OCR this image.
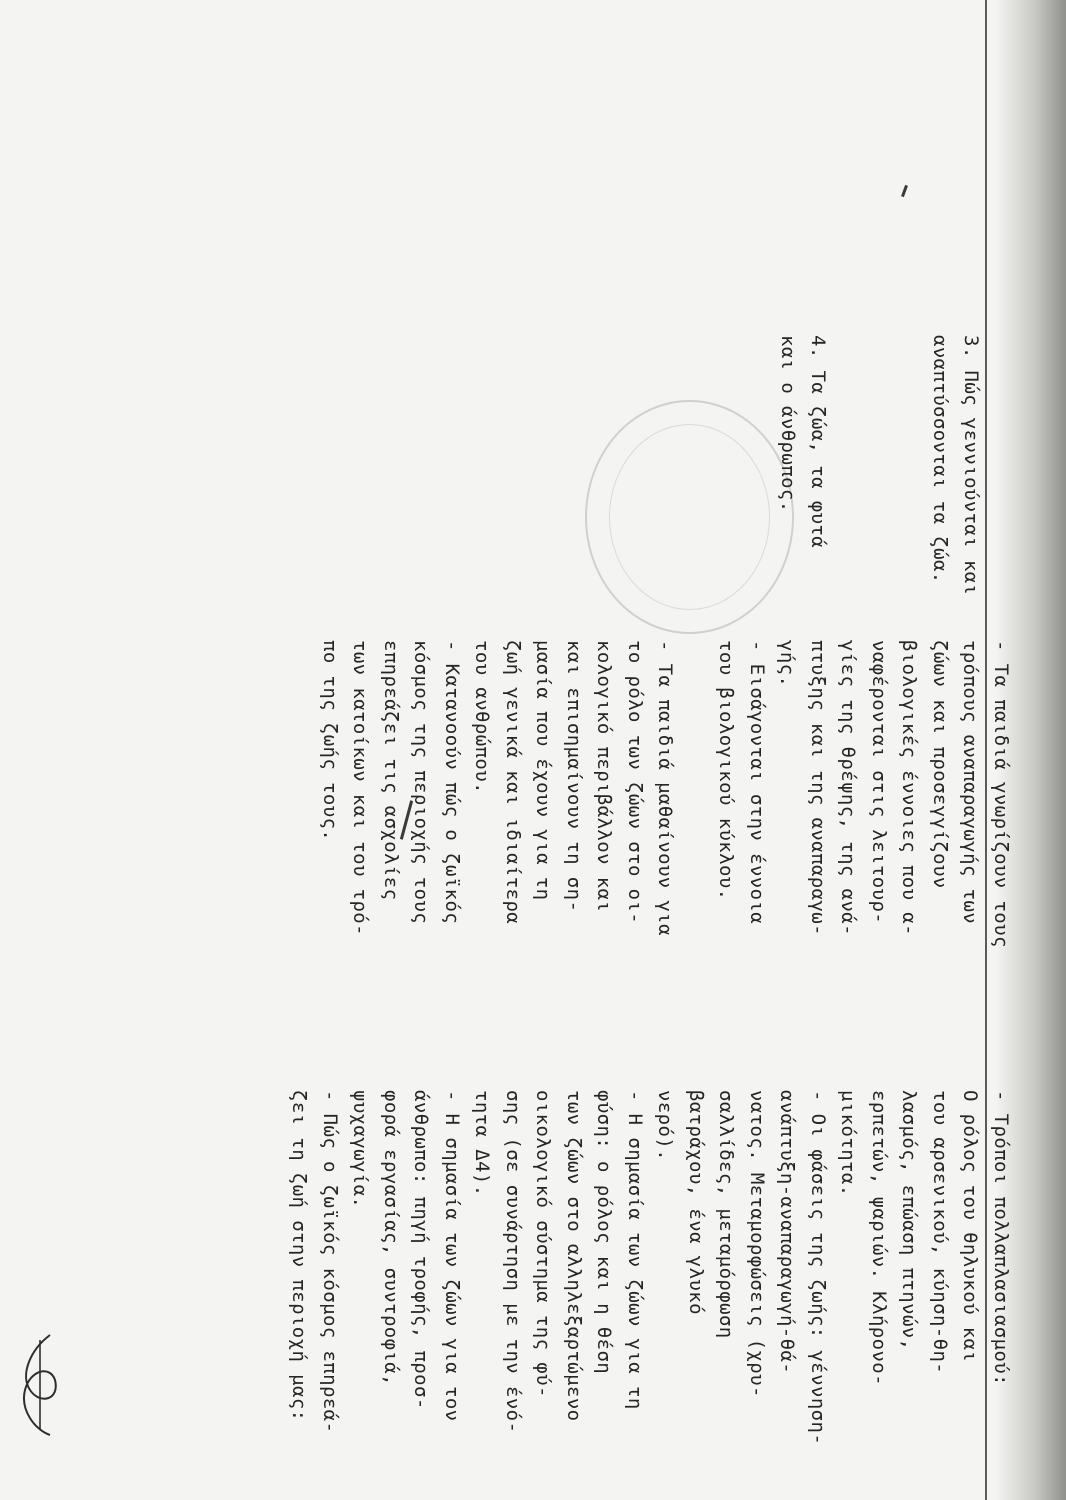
3. Πώς γεννιούνται και
αναπτύσσονται τα ζώα.
4. Τα ζώα, τα φυτά
και ο άνθρωπος.
- Τα παιδιά γνωρίζουν τους
τρόπους αναπαραγωγής των
ζώων και προσεγγίζουν
βιολογικές έννοιες που α-
ναφέρονται στις λειτουρ-
γίες της θρέψης, της ανά-
πτυξης και της αναπαραγω-
γής.
- Εισάγονται στην έννοια
του βιολογικού κύκλου.
- Τα παιδιά μαθαίνουν για
το ρόλο των ζώων στο οι-
κολογικό περιβάλλον και
και επισημαίνουν τη ση-
μασία που έχουν για τη
ζωή γενικά και ιδιαίτερα
του ανθρώπου.
- Κατανοούν πώς ο ζωϊκός
κόσμος της περιοχής τους
επηρεάζει τις ασχολίες
των κατοίκων και του τρό-
πο της ζωής τους.
- Τρόποι πολλαπλασιασμού:
Ο ρόλος του θηλυκού και
του αρσενικού, κύηση-θη-
λασμός, επώαση πτηνών,
ερπετών, ψαριών. Κλήρονο-
μικότητα.
- Οι φάσεις της ζωής: γέννηση-
ανάπτυξη-αναπαραγωγή-θά-
νατος. Μεταμορφώσεις (χρυ-
σαλλίδες, μεταμόρφωση
βατράχου, ένα γλυκό
νερό).
- Η σημασία των ζώων για τη
φύση: ο ρόλος και η θέση
των ζώων στο αλληλεξαρτώμενο
οικολογικό σύστημα της φύ-
σης (σε συνάρτηση με την ένό-
τητα Δ4).
- Η σημασία των ζώων για τον
άνθρωπο: πηγή τροφής, προσ-
φορά εργασίας, συντροφιά,
ψυχαγωγία.
- Πώς ο ζωϊκός κόσμος επηρεά-
ζει τη ζωή στην περιοχή μας:
